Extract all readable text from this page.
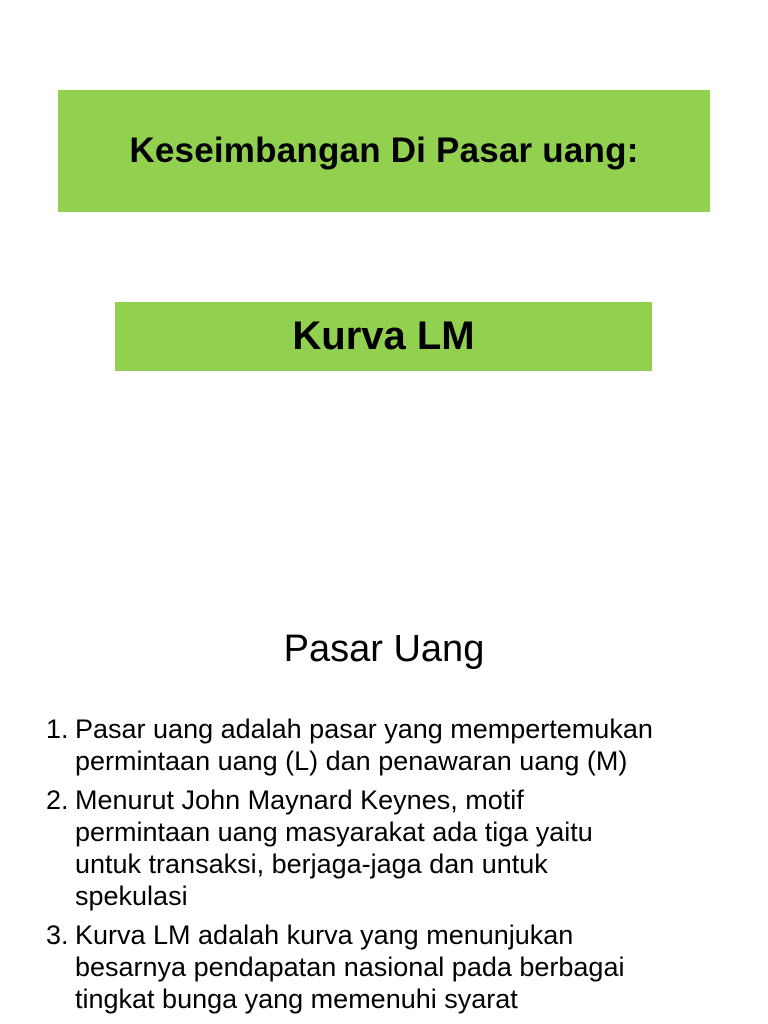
Keseimbangan Di Pasar uang:
Kurva LM
Pasar Uang
1. Pasar uang adalah pasar yang mempertemukan
permintaan uang (L) dan penawaran uang (M)
2. Menurut John Maynard Keynes, motif
permintaan uang masyarakat ada tiga yaitu
untuk transaksi, berjaga-jaga dan untuk
spekulasi
3. Kurva LM adalah kurva yang menunjukan
besarnya pendapatan nasional pada berbagai
tingkat bunga yang memenuhi syarat
